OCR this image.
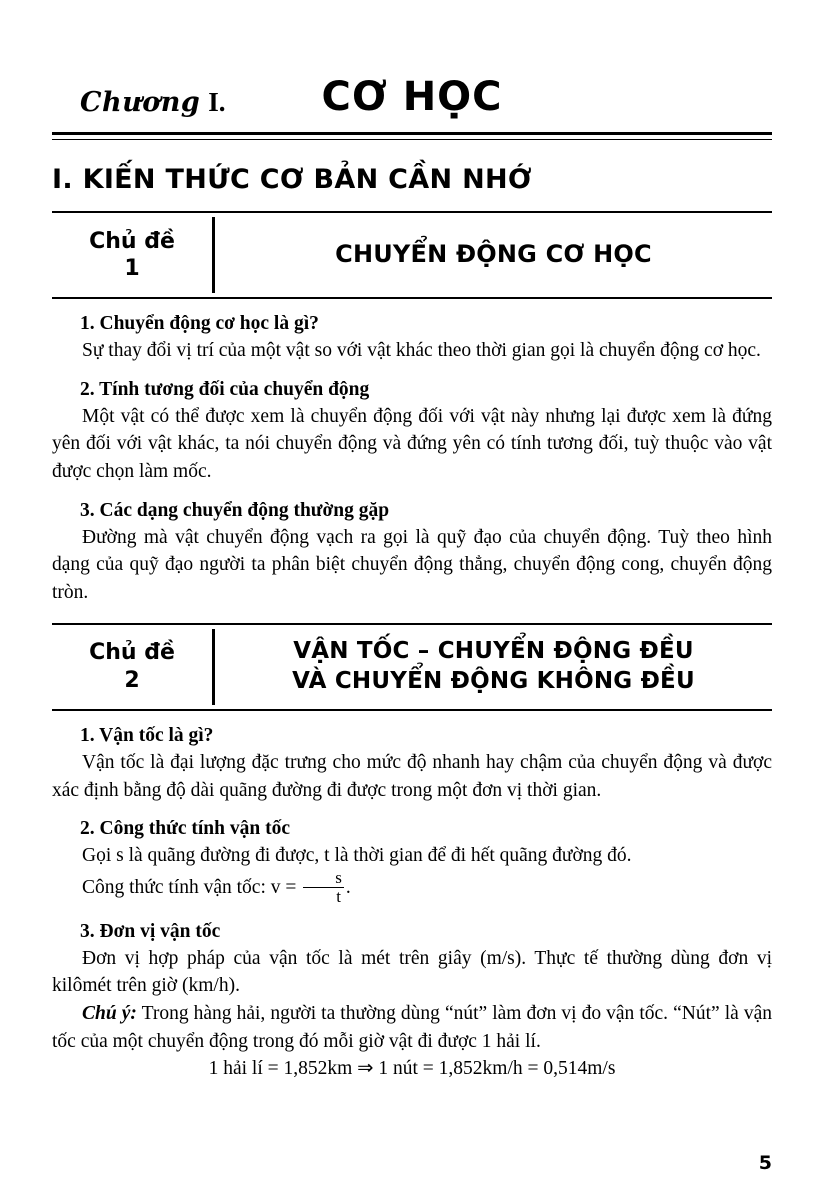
Chương I.	CƠ HỌC
I. KIẾN THỨC CƠ BẢN CẦN NHỚ
Chủ đề
1
CHUYỂN ĐỘNG CƠ HỌC
1. Chuyển động cơ học là gì?

Sự thay đổi vị trí của một vật so với vật khác theo thời gian gọi là chuyển động cơ học.

2. Tính tương đối của chuyển động

Một vật có thể được xem là chuyển động đối với vật này nhưng lại được xem là đứng yên đối với vật khác, ta nói chuyển động và đứng yên có tính tương đối, tuỳ thuộc vào vật được chọn làm mốc.

3. Các dạng chuyển động thường gặp

Đường mà vật chuyển động vạch ra gọi là quỹ đạo của chuyển động. Tuỳ theo hình dạng của quỹ đạo người ta phân biệt chuyển động thẳng, chuyển động cong, chuyển động tròn.

Chủ đề
2
VẬN TỐC – CHUYỂN ĐỘNG ĐỀU
VÀ CHUYỂN ĐỘNG KHÔNG ĐỀU
1. Vận tốc là gì?

Vận tốc là đại lượng đặc trưng cho mức độ nhanh hay chậm của chuyển động và được xác định bằng độ dài quãng đường đi được trong một đơn vị thời gian.

2. Công thức tính vận tốc

Gọi s là quãng đường đi được, t là thời gian để đi hết quãng đường đó.

Công thức tính vận tốc: $v = \frac{s}{t}$ .

3. Đơn vị vận tốc

Đơn vị hợp pháp của vận tốc là mét trên giây (m/s). Thực tế thường dùng đơn vị kilômét trên giờ (km/h).

Chú ý: Trong hàng hải, người ta thường dùng “nút” làm đơn vị đo vận tốc. “Nút” là vận tốc của một chuyển động trong đó mỗi giờ vật đi được 1 hải lí.

1 hải lí = 1,852km ⇒ 1 nút = 1,852km/h = 0,514m/s

5
